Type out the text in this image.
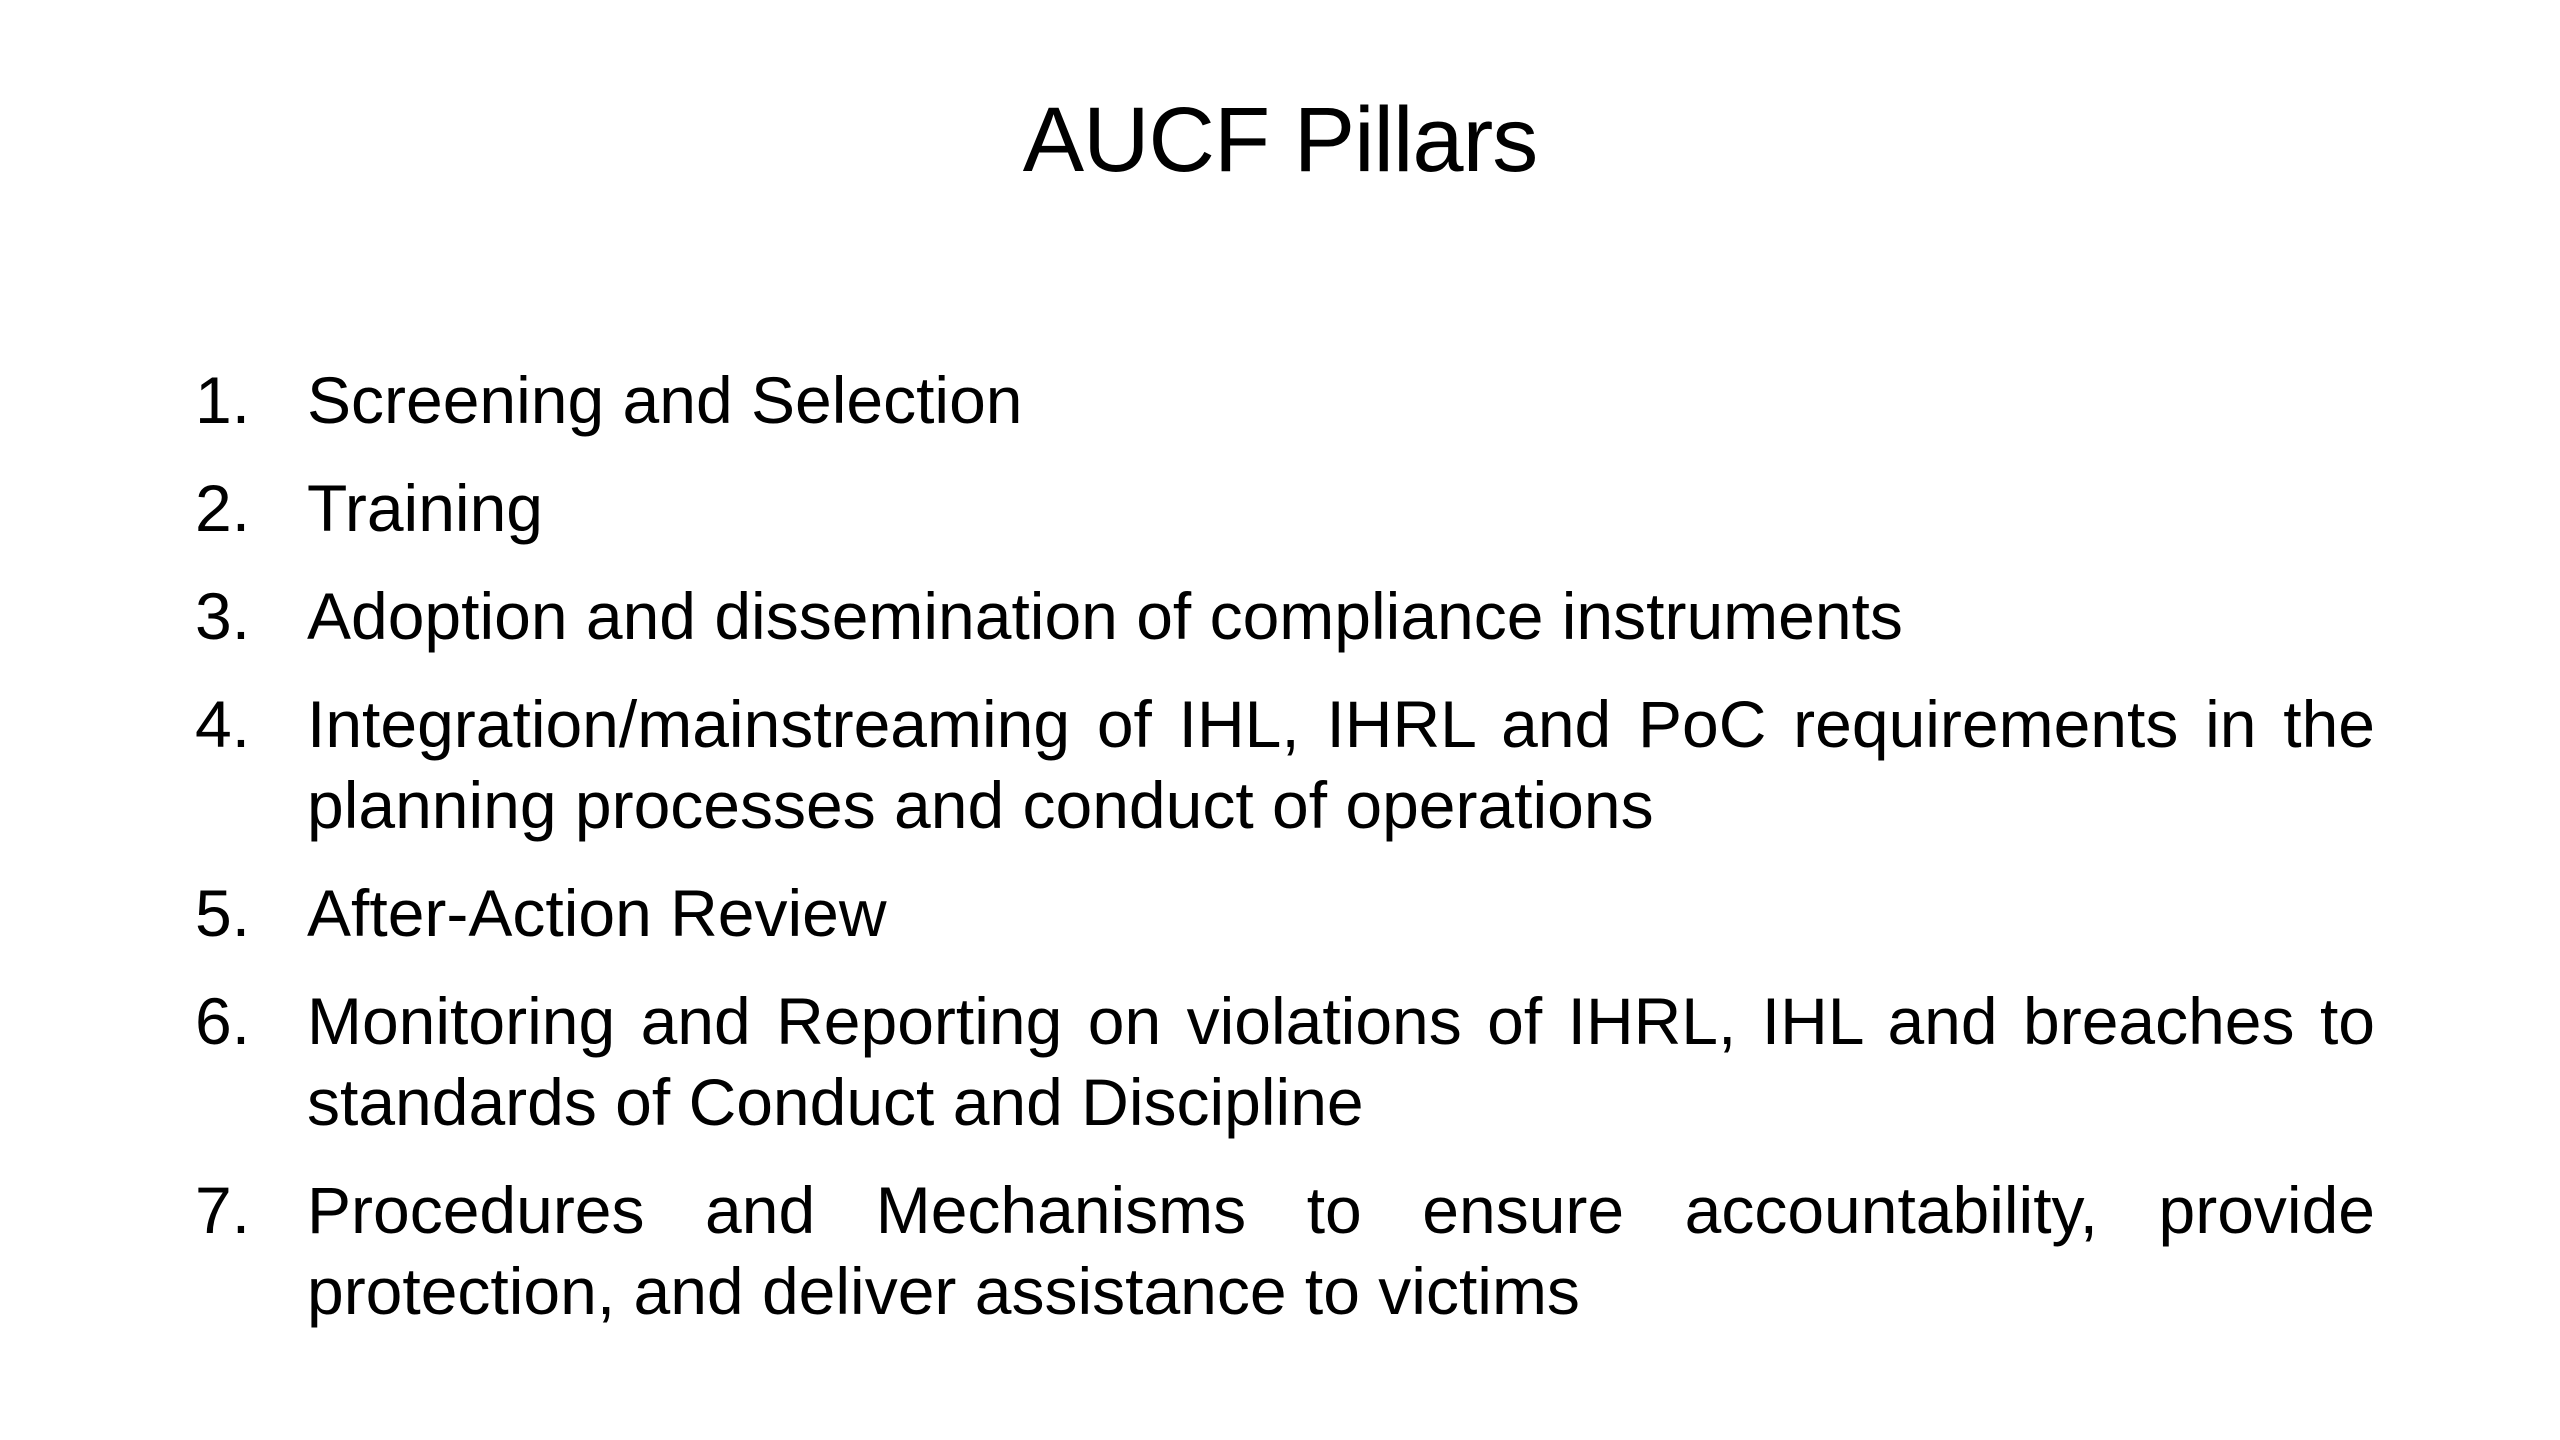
AUCF Pillars
1. Screening and Selection
2. Training
3. Adoption and dissemination of compliance instruments
4. Integration/mainstreaming of IHL, IHRL and PoC requirements in the planning processes and conduct of operations
5. After-Action Review
6. Monitoring and Reporting on violations of IHRL, IHL and breaches to standards of Conduct and Discipline
7. Procedures and Mechanisms to ensure accountability, provide protection, and deliver assistance to victims
